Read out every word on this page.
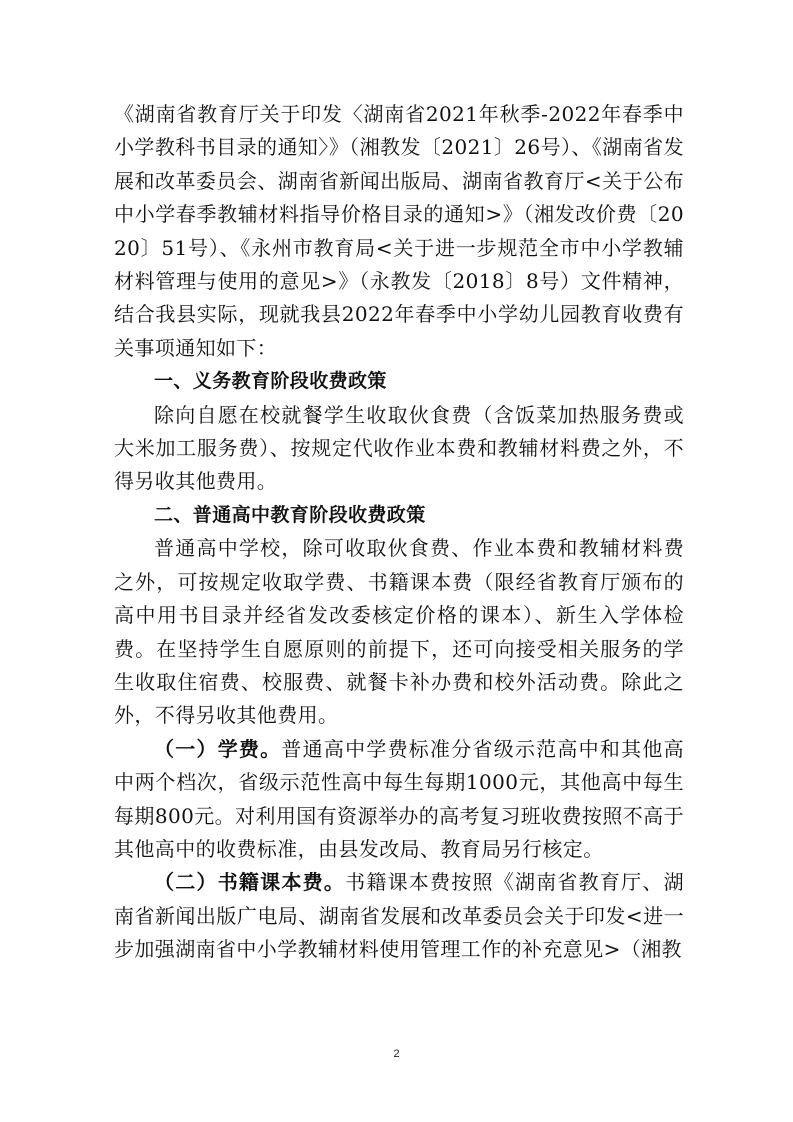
《湖南省教育厅关于印发〈湖南省2021年秋季-2022年春季中小学教科书目录的通知〉》（湘教发〔2021〕26号）、《湖南省发展和改革委员会、湖南省新闻出版局、湖南省教育厅<关于公布中小学春季教辅材料指导价格目录的通知>》（湘发改价费〔2020〕51号）、《永州市教育局<关于进一步规范全市中小学教辅材料管理与使用的意见>》（永教发〔2018〕8号）文件精神，结合我县实际，现就我县2022年春季中小学幼儿园教育收费有关事项通知如下：

一、义务教育阶段收费政策

除向自愿在校就餐学生收取伙食费（含饭菜加热服务费或大米加工服务费）、按规定代收作业本费和教辅材料费之外，不得另收其他费用。

二、普通高中教育阶段收费政策

普通高中学校，除可收取伙食费、作业本费和教辅材料费之外，可按规定收取学费、书籍课本费（限经省教育厅颁布的高中用书目录并经省发改委核定价格的课本）、新生入学体检费。在坚持学生自愿原则的前提下，还可向接受相关服务的学生收取住宿费、校服费、就餐卡补办费和校外活动费。除此之外，不得另收其他费用。

（一）学费。普通高中学费标准分省级示范高中和其他高中两个档次，省级示范性高中每生每期1000元，其他高中每生每期800元。对利用国有资源举办的高考复习班收费按照不高于其他高中的收费标准，由县发改局、教育局另行核定。

（二）书籍课本费。书籍课本费按照《湖南省教育厅、湖南省新闻出版广电局、湖南省发展和改革委员会关于印发<进一步加强湖南省中小学教辅材料使用管理工作的补充意见>（湘教

2
